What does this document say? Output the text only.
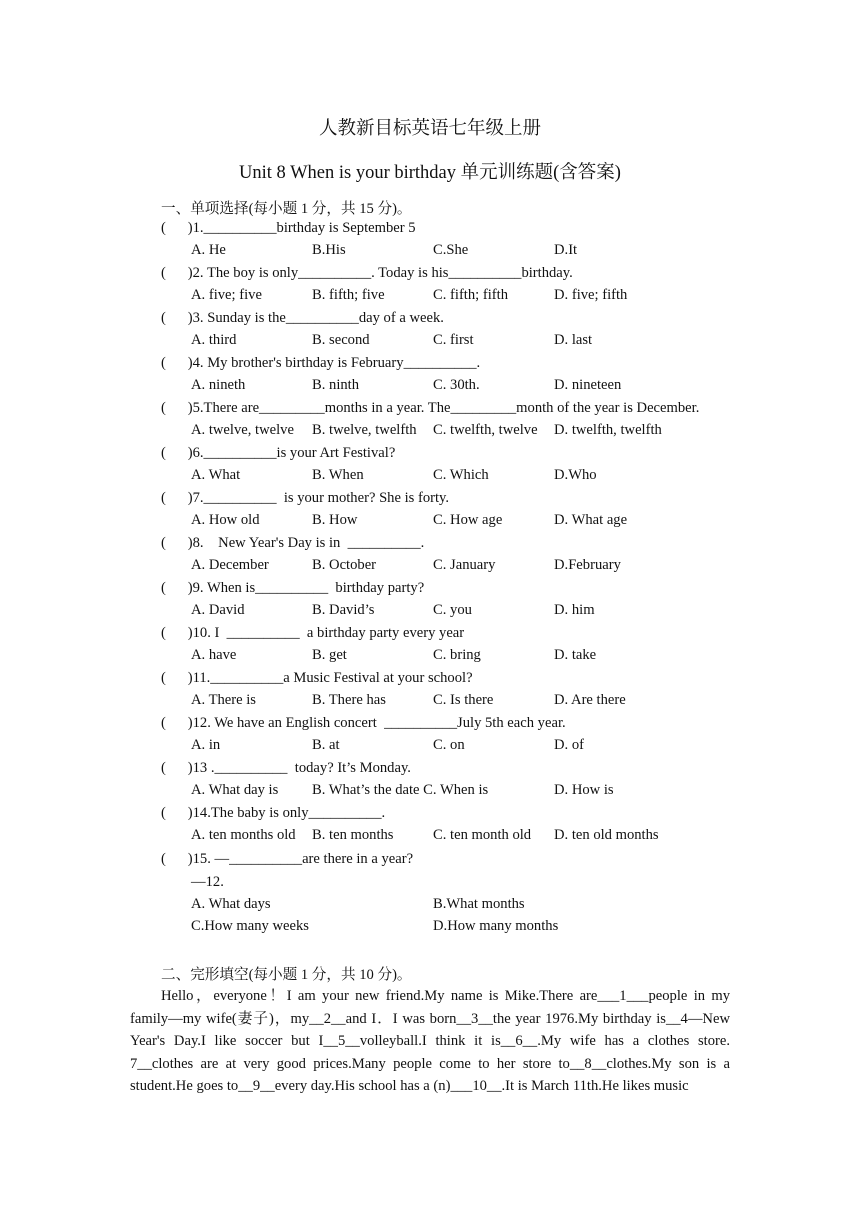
人教新目标英语七年级上册
Unit 8 When is your birthday 单元训练题(含答案)
一、单项选择(每小题 1 分，共 15 分)。
(      )1.__________birthday is September 5
A. He	B.His	C.She	D.It
(      )2. The boy is only__________. Today is his__________birthday.
A. five; five	B. fifth; five	C. fifth; fifth	D. five; fifth
(      )3. Sunday is the__________day of a week.
A. third	B. second	C. first	D. last
(      )4. My brother's birthday is February__________.
A. nineth	B. ninth	C. 30th.	D. nineteen
(      )5.There are_________months in a year. The_________month of the year is December.
A. twelve, twelve B. twelve, twelfth C. twelfth, twelve D. twelfth, twelfth
(      )6.__________is your Art Festival?
A. What	B. When	C. Which	D.Who
(      )7.__________  is your mother? She is forty.
A. How old	B. How	C. How age	D. What age
(      )8.    New Year's Day is in  __________.
A. December	B. October	C. January	D.February
(      )9. When is__________  birthday party?
A. David	B. David’s	C. you	D. him
(      )10. I  __________  a birthday party every year
A. have	B. get	C. bring	D. take
(      )11.__________a Music Festival at your school?
A. There is	B. There has	C. Is there	D. Are there
(      )12. We have an English concert  __________July 5th each year.
A. in	B. at	C. on	D. of
(      )13 .__________  today? It’s Monday.
A. What day is B. What’s the date C. When is	D. How is
(      )14.The baby is only__________.
A. ten months old B. ten months	C. ten month old D. ten old months
(      )15. —__________are there in a year?
—12.
A. What days	B.What months
C.How many weeks	D.How many months
二、完形填空(每小题 1 分，共 10 分)。
Hello，everyone！I am your new friend.My name is Mike.There are___1___people in my family—my wife(妻子)，my__2__and I．I was born__3__the year 1976.My birthday is__4—New Year's Day.I like soccer but I__5__volleyball.I think it is__6__.My wife has a clothes store. 7__clothes are at very good prices.Many people come to her store to__8__clothes.My son is a student.He goes to__9__every day.His school has a (n)___10__.It is March 11th.He likes music
